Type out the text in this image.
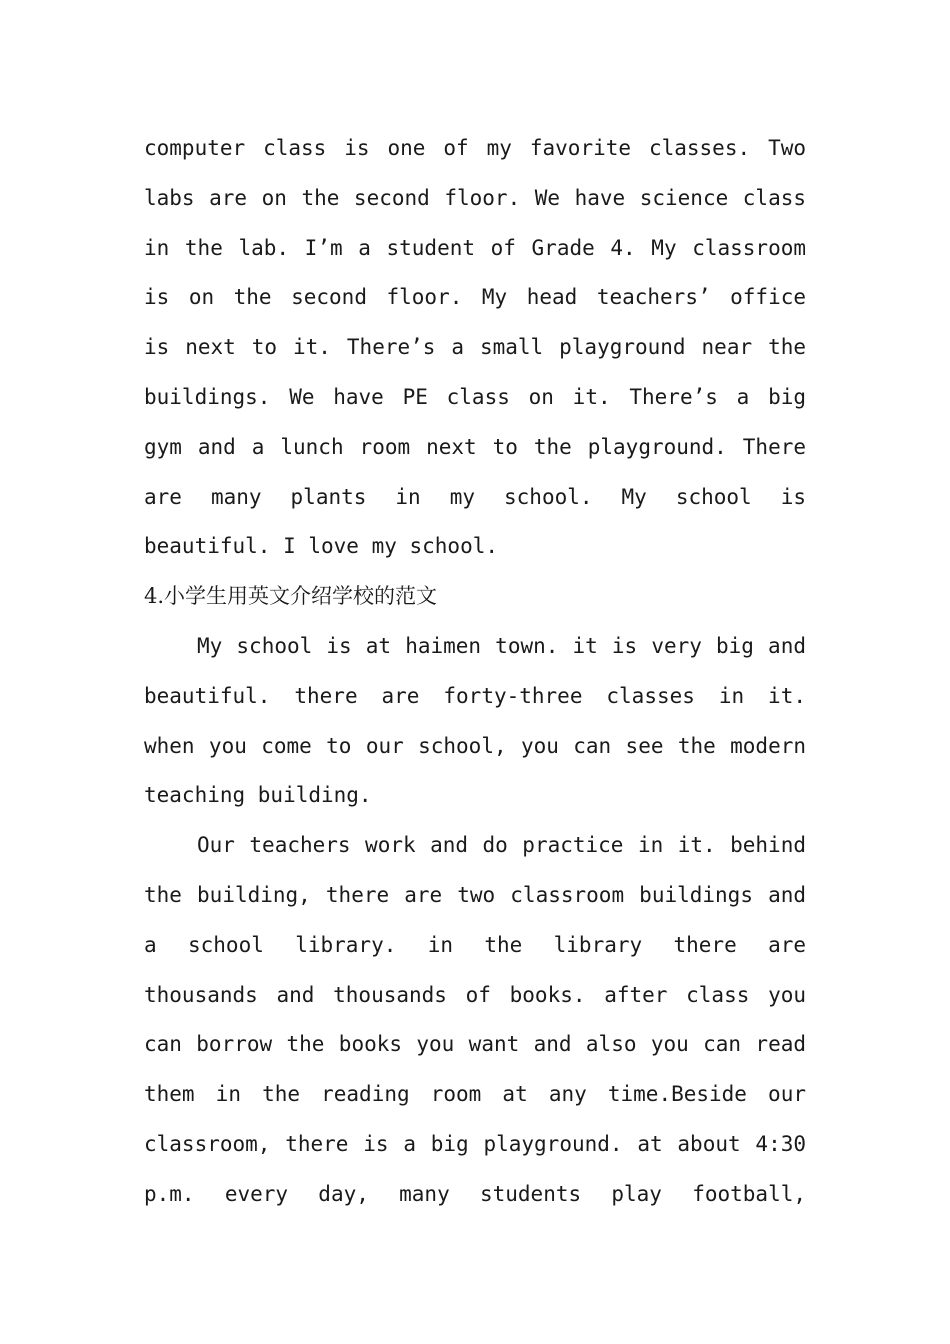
computer class is one of my favorite classes. Two
labs are on the second floor. We have science class
in the lab. I’m a student of Grade 4. My classroom
is on the second floor. My head teachers’ office
is next to it. There’s a small playground near the
buildings. We have PE class on it. There’s a big
gym and a lunch room next to the playground. There
are many plants in my school. My school is
beautiful. I love my school.
4.小学生用英文介绍学校的范文
My school is at haimen town. it is very big and
beautiful. there are forty-three classes in it.
when you come to our school, you can see the modern
teaching building.
Our teachers work and do practice in it. behind
the building, there are two classroom buildings and
a school library. in the library there are
thousands and thousands of books. after class you
can borrow the books you want and also you can read
them in the reading room at any time.Beside our
classroom, there is a big playground. at about 4:30
p.m. every day, many students play football,
